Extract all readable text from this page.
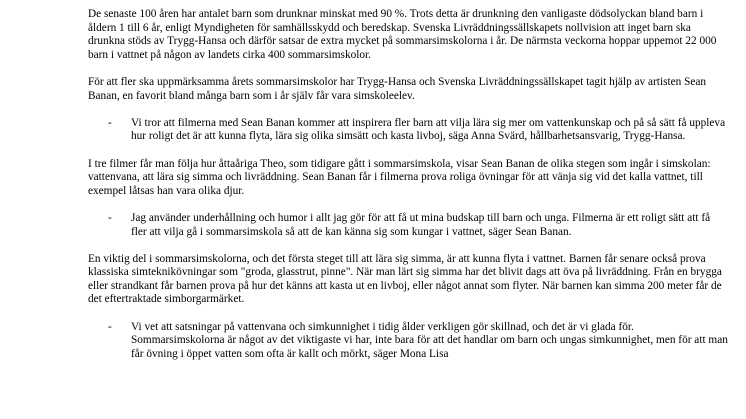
De senaste 100 åren har antalet barn som drunknar minskat med 90 %. Trots detta är drunkning den vanligaste dödsolyckan bland barn i åldern 1 till 6 år, enligt Myndigheten för samhällsskydd och beredskap. Svenska Livräddningssällskapets nollvision att inget barn ska drunkna stöds av Trygg-Hansa och därför satsar de extra mycket på sommarsimskolorna i år. De närmsta veckorna hoppar uppemot 22 000 barn i vattnet på någon av landets cirka 400 sommarsimskolor.

För att fler ska uppmärksamma årets sommarsimskolor har Trygg-Hansa och Svenska Livräddningssällskapet tagit hjälp av artisten Sean Banan, en favorit bland många barn som i år själv får vara simskoleelev.

- Vi tror att filmerna med Sean Banan kommer att inspirera fler barn att vilja lära sig mer om vattenkunskap och på så sätt få uppleva hur roligt det är att kunna flyta, lära sig olika simsätt och kasta livboj, säga Anna Svärd, hållbarhetsansvarig, Trygg-Hansa.

I tre filmer får man följa hur åttaåriga Theo, som tidigare gått i sommarsimskola, visar Sean Banan de olika stegen som ingår i simskolan: vattenvana, att lära sig simma och livräddning. Sean Banan får i filmerna prova roliga övningar för att vänja sig vid det kalla vattnet, till exempel låtsas han vara olika djur.

- Jag använder underhållning och humor i allt jag gör för att få ut mina budskap till barn och unga. Filmerna är ett roligt sätt att få fler att vilja gå i sommarsimskola så att de kan känna sig som kungar i vattnet, säger Sean Banan.

En viktig del i sommarsimskolorna, och det första steget till att lära sig simma, är att kunna flyta i vattnet. Barnen får senare också prova klassiska simteknikövningar som "groda, glasstrut, pinne". När man lärt sig simma har det blivit dags att öva på livräddning. Från en brygga eller strandkant får barnen prova på hur det känns att kasta ut en livboj, eller något annat som flyter. När barnen kan simma 200 meter får de det eftertraktade simborgarmärket.

- Vi vet att satsningar på vattenvana och simkunnighet i tidig ålder verkligen gör skillnad, och det är vi glada för. Sommarsimskolorna är något av det viktigaste vi har, inte bara för att det handlar om barn och ungas simkunnighet, men för att man får övning i öppet vatten som ofta är kallt och mörkt, säger Mona Lisa
